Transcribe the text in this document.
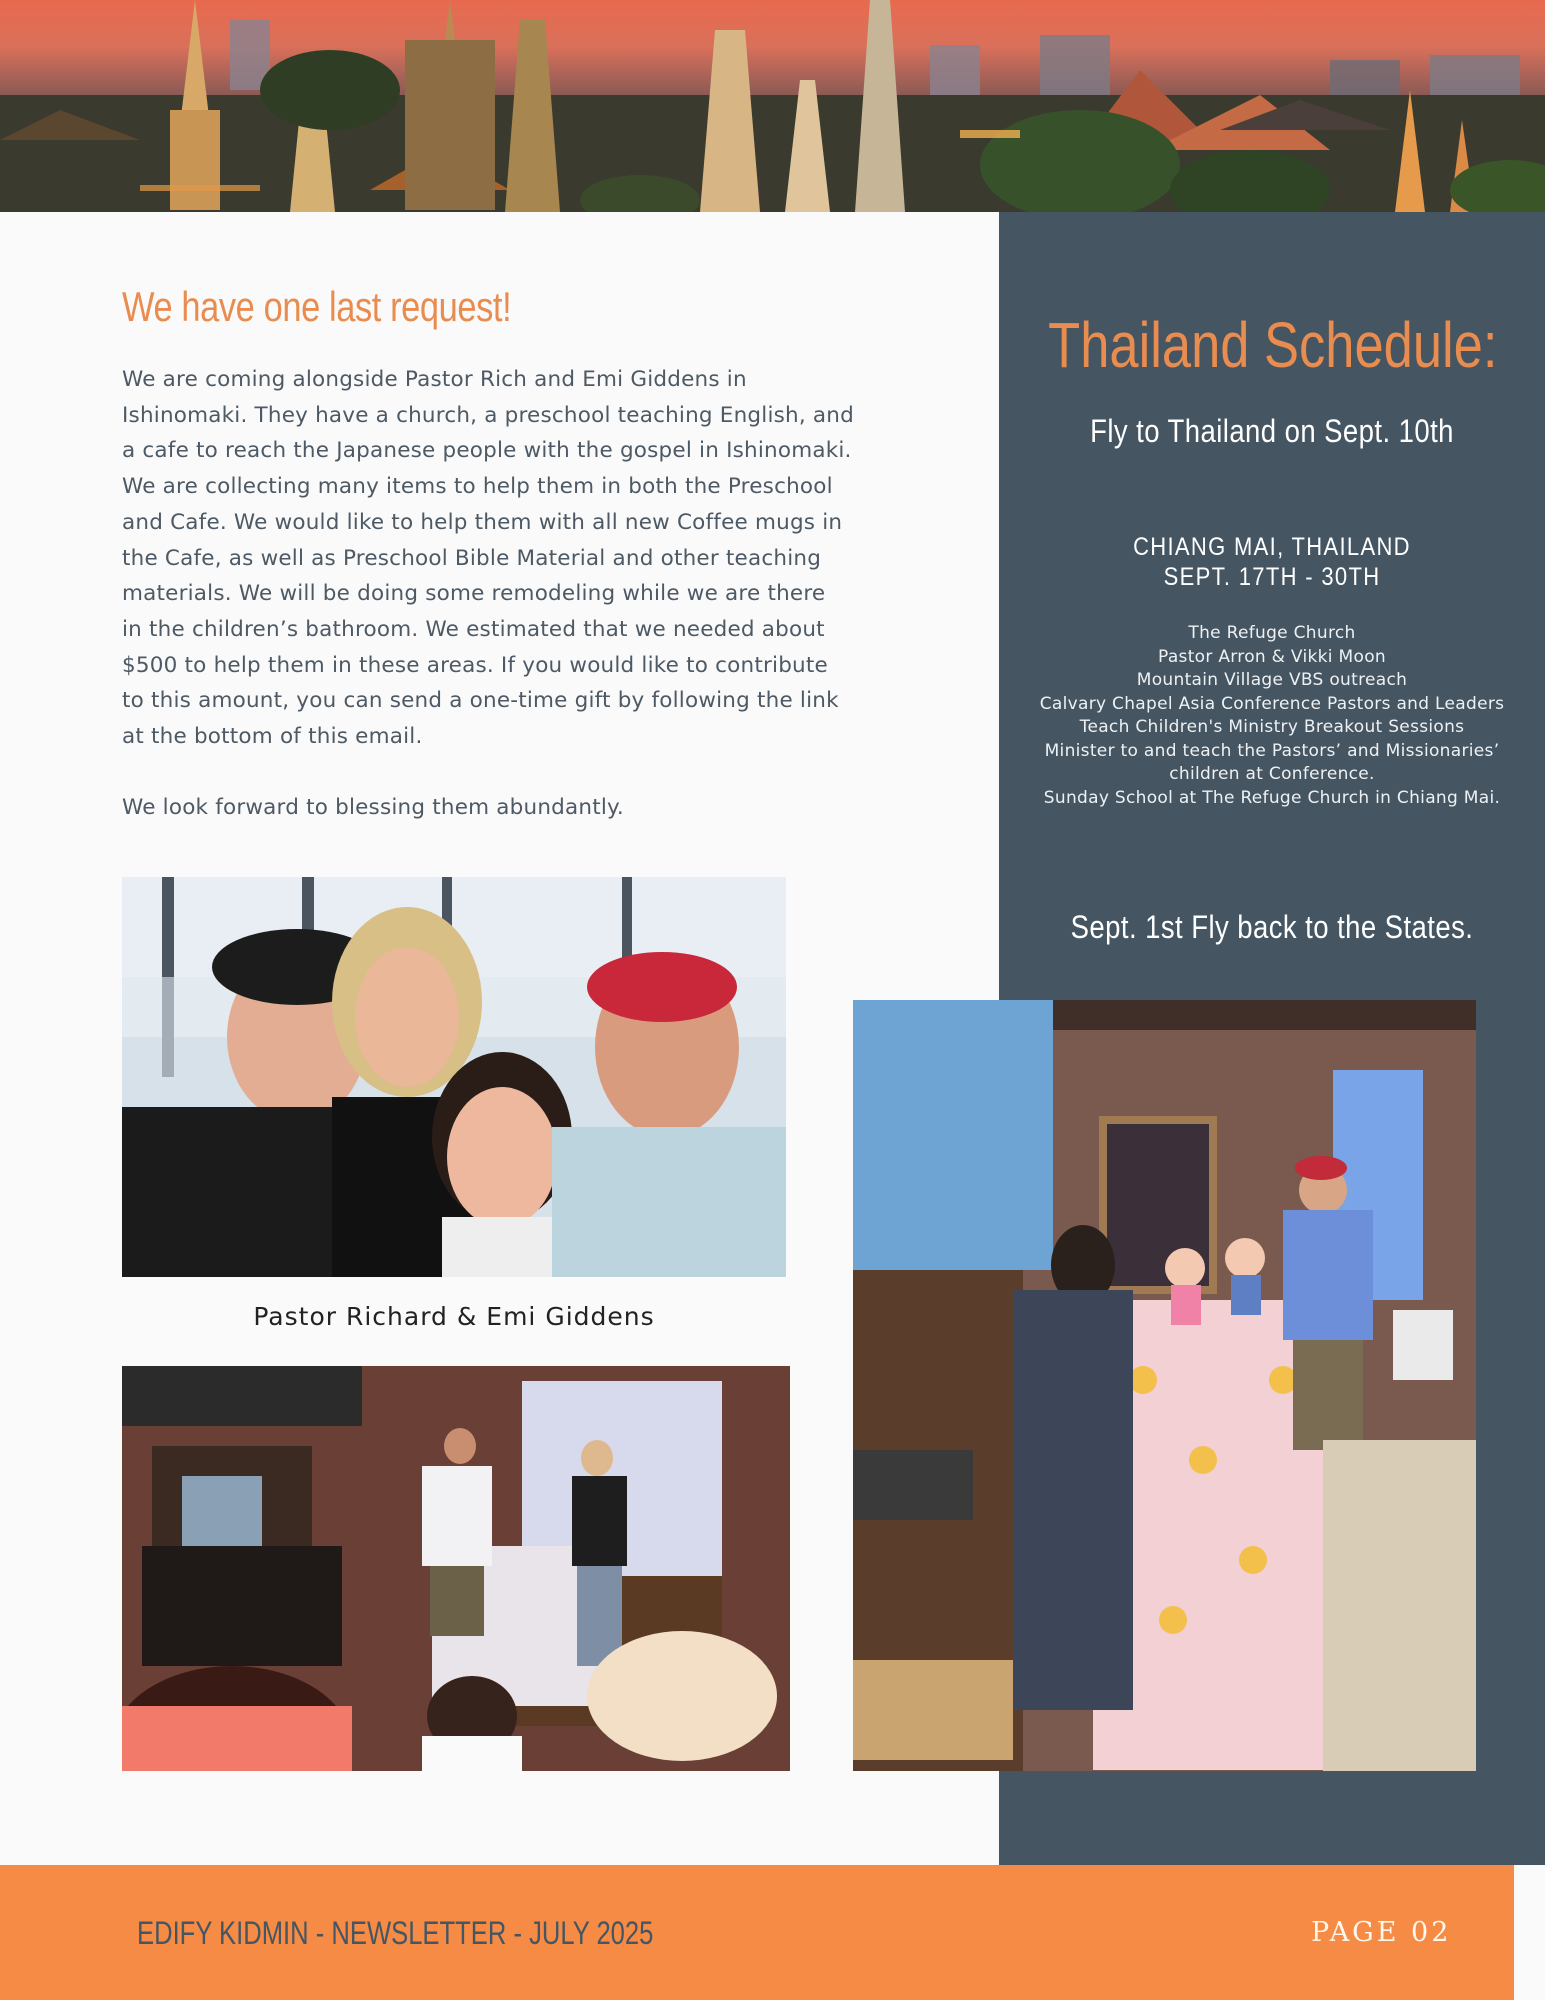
We have one last request!

We are coming alongside Pastor Rich and Emi Giddens in
Ishinomaki. They have a church, a preschool teaching English, and
a cafe to reach the Japanese people with the gospel in Ishinomaki.
We are collecting many items to help them in both the Preschool
and Cafe. We would like to help them with all new Coffee mugs in
the Cafe, as well as Preschool Bible Material and other teaching
materials. We will be doing some remodeling while we are there
in the children’s bathroom. We estimated that we needed about
$500 to help them in these areas. If you would like to contribute
to this amount, you can send a one-time gift by following the link
at the bottom of this email.

We look forward to blessing them abundantly.

Pastor Richard & Emi Giddens
Thailand Schedule:
Fly to Thailand on Sept. 10th
CHIANG MAI, THAILAND
SEPT. 17TH - 30TH
The Refuge Church
Pastor Arron & Vikki Moon
Mountain Village VBS outreach
Calvary Chapel Asia Conference Pastors and Leaders
Teach Children's Ministry Breakout Sessions
Minister to and teach the Pastors’ and Missionaries’ children at Conference.
Sunday School at The Refuge Church in Chiang Mai.
Sept. 1st Fly back to the States.
EDIFY KIDMIN - NEWSLETTER - JULY 2025	PAGE 02
